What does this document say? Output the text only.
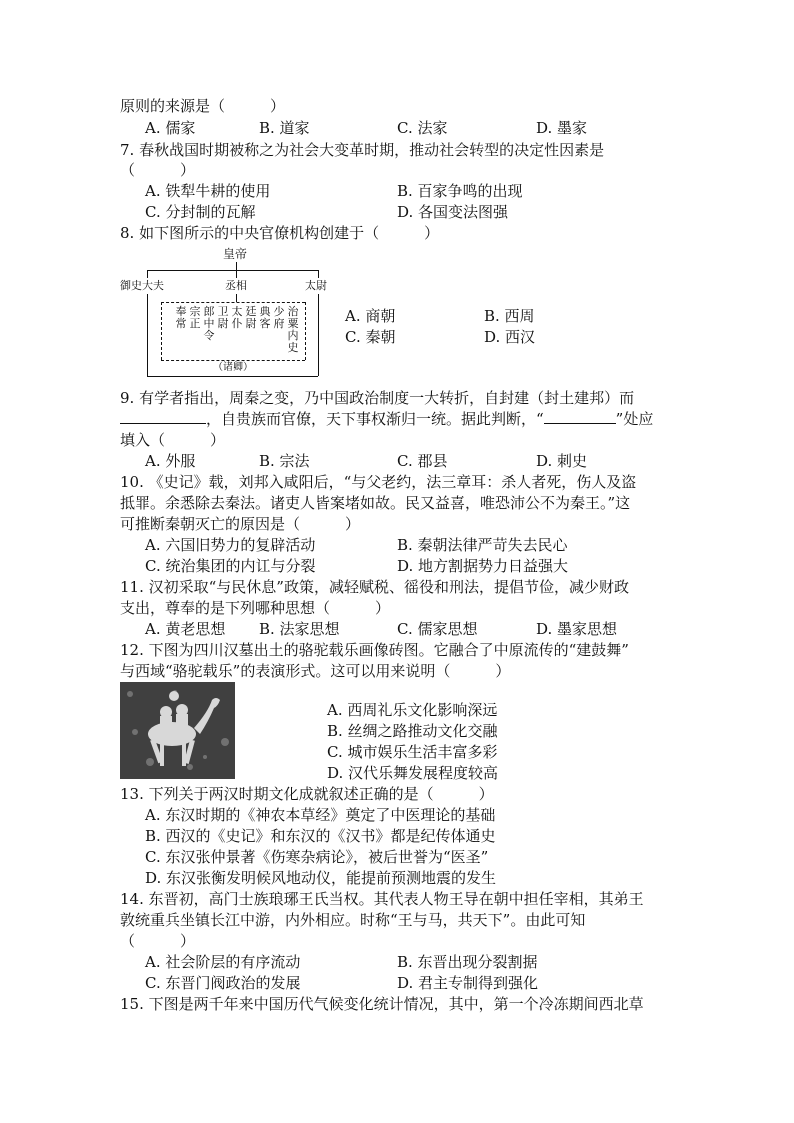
原则的来源是（　　　）
A. 儒家	B. 道家	C. 法家	D. 墨家
7. 春秋战国时期被称之为社会大变革时期，推动社会转型的决定性因素是
（　　　）
A. 铁犁牛耕的使用	B. 百家争鸣的出现
C. 分封制的瓦解	D. 各国变法图强
8. 如下图所示的中央官僚机构创建于（　　　）
皇帝
御史大夫	丞相	太尉
奉常
宗正
郎中令
卫尉
太仆
廷尉
典客
少府
治粟内史
（诸卿）
A. 商朝	B. 西周
C. 秦朝	D. 西汉
9. 有学者指出，周秦之变，乃中国政治制度一大转折，自封建（封土建邦）而
，自贵族而官僚，天下事权渐归一统。据此判断，“	”处应
填入（　　　）
A. 外服	B. 宗法	C. 郡县	D. 刺史
10. 《史记》载，刘邦入咸阳后，“与父老约，法三章耳：杀人者死，伤人及盗
抵罪。余悉除去秦法。诸吏人皆案堵如故。民又益喜，唯恐沛公不为秦王。”这
可推断秦朝灭亡的原因是（　　　）
A. 六国旧势力的复辟活动	B. 秦朝法律严苛失去民心
C. 统治集团的内讧与分裂	D. 地方割据势力日益强大
11. 汉初采取“与民休息”政策，减轻赋税、徭役和刑法，提倡节俭，减少财政
支出，尊奉的是下列哪种思想（　　　）
A. 黄老思想 B. 法家思想	C. 儒家思想	D. 墨家思想
12. 下图为四川汉墓出土的骆驼载乐画像砖图。它融合了中原流传的“建鼓舞”
与西域“骆驼载乐”的表演形式。这可以用来说明（　　　）
A. 西周礼乐文化影响深远
B. 丝绸之路推动文化交融
C. 城市娱乐生活丰富多彩
D. 汉代乐舞发展程度较高
13. 下列关于两汉时期文化成就叙述正确的是（　　　）
A. 东汉时期的《神农本草经》奠定了中医理论的基础
B. 西汉的《史记》和东汉的《汉书》都是纪传体通史
C. 东汉张仲景著《伤寒杂病论》，被后世誉为“医圣”
D. 东汉张衡发明候风地动仪，能提前预测地震的发生
14. 东晋初，高门士族琅琊王氏当权。其代表人物王导在朝中担任宰相，其弟王
敦统重兵坐镇长江中游，内外相应。时称“王与马，共天下”。由此可知
（　　　）
A. 社会阶层的有序流动	B. 东晋出现分裂割据
C. 东晋门阀政治的发展	D. 君主专制得到强化
15. 下图是两千年来中国历代气候变化统计情况，其中，第一个冷冻期间西北草
